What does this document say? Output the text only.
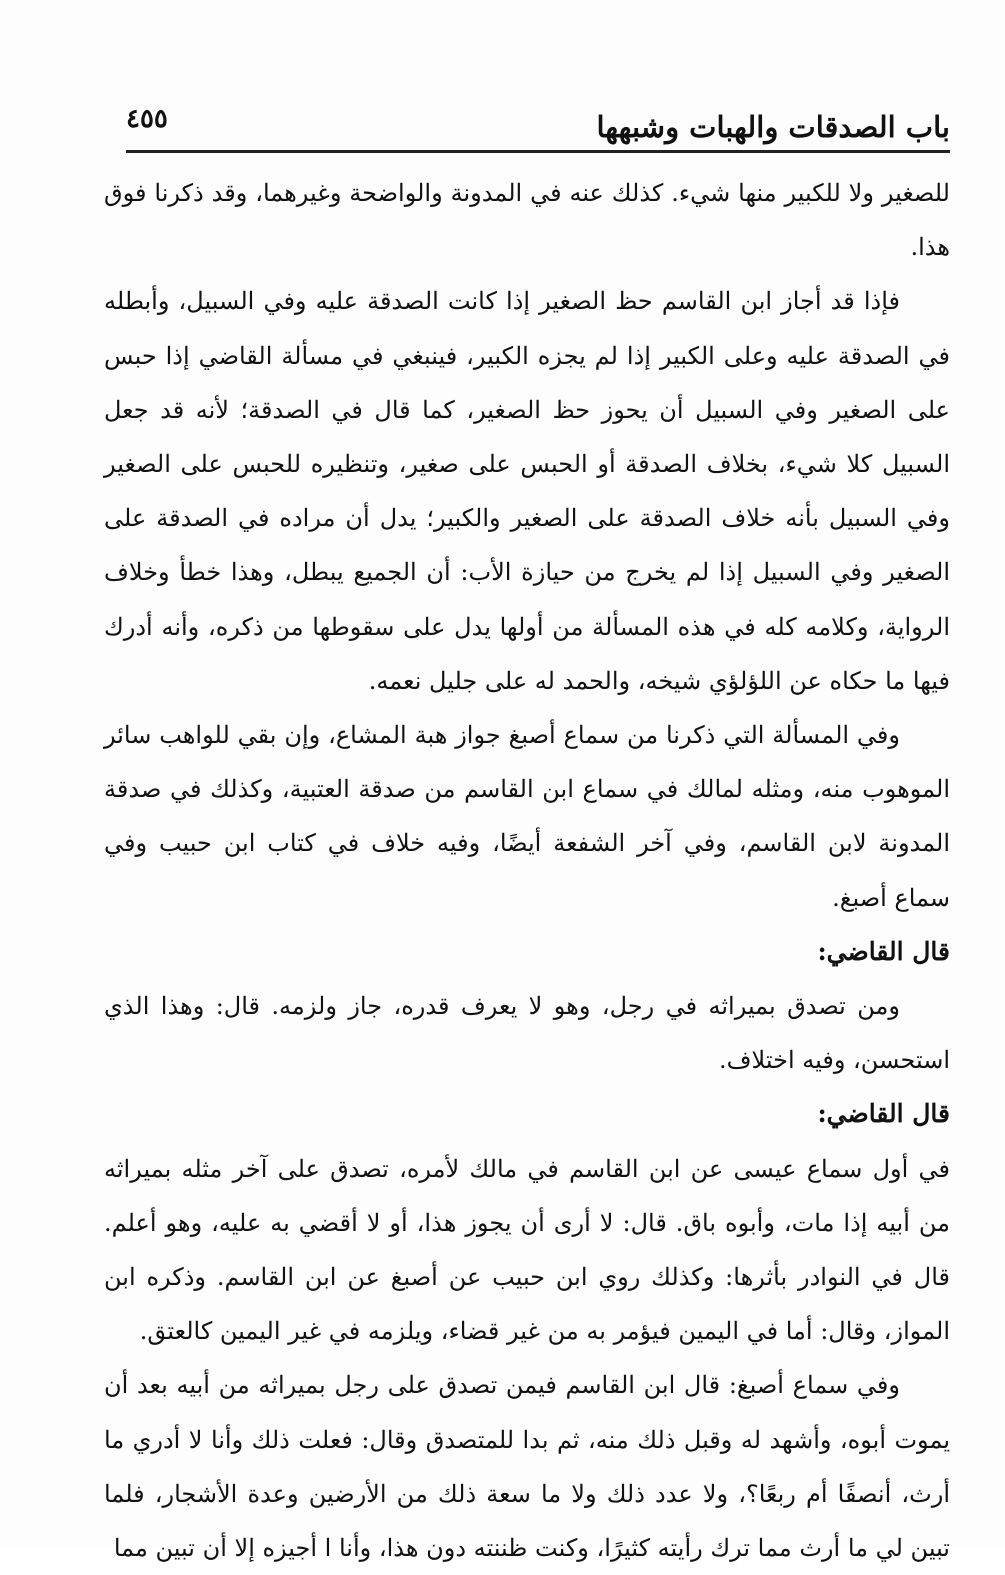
باب الصدقات والهبات وشبهها
٤٥٥

للصغير ولا للكبير منها شيء. كذلك عنه في المدونة والواضحة وغيرهما، وقد ذكرنا فوق هذا.

فإذا قد أجاز ابن القاسم حظ الصغير إذا كانت الصدقة عليه وفي السبيل، وأبطله في الصدقة عليه وعلى الكبير إذا لم يجزه الكبير، فينبغي في مسألة القاضي إذا حبس على الصغير وفي السبيل أن يحوز حظ الصغير، كما قال في الصدقة؛ لأنه قد جعل السبيل كلا شيء، بخلاف الصدقة أو الحبس على صغير، وتنظيره للحبس على الصغير وفي السبيل بأنه خلاف الصدقة على الصغير والكبير؛ يدل أن مراده في الصدقة على الصغير وفي السبيل إذا لم يخرج من حيازة الأب: أن الجميع يبطل، وهذا خطأ وخلاف الرواية، وكلامه كله في هذه المسألة من أولها يدل على سقوطها من ذكره، وأنه أدرك فيها ما حكاه عن اللؤلؤي شيخه، والحمد له على جليل نعمه.

وفي المسألة التي ذكرنا من سماع أصبغ جواز هبة المشاع، وإن بقي للواهب سائر الموهوب منه، ومثله لمالك في سماع ابن القاسم من صدقة العتبية، وكذلك في صدقة المدونة لابن القاسم، وفي آخر الشفعة أيضًا، وفيه خلاف في كتاب ابن حبيب وفي سماع أصبغ.

قال القاضي:

ومن تصدق بميراثه في رجل، وهو لا يعرف قدره، جاز ولزمه. قال: وهذا الذي استحسن، وفيه اختلاف.

قال القاضي:

في أول سماع عيسى عن ابن القاسم في مالك لأمره، تصدق على آخر مثله بميراثه من أبيه إذا مات، وأبوه باق. قال: لا أرى أن يجوز هذا، أو لا أقضي به عليه، وهو أعلم. قال في النوادر بأثرها: وكذلك روي ابن حبيب عن أصبغ عن ابن القاسم. وذكره ابن المواز، وقال: أما في اليمين فيؤمر به من غير قضاء، ويلزمه في غير اليمين كالعتق.

وفي سماع أصبغ: قال ابن القاسم فيمن تصدق على رجل بميراثه من أبيه بعد أن يموت أبوه، وأشهد له وقبل ذلك منه، ثم بدا للمتصدق وقال: فعلت ذلك وأنا لا أدري ما أرث، أنصفًا أم ربعًا؟، ولا عدد ذلك ولا ما سعة ذلك من الأرضين وعدة الأشجار، فلما تبين لي ما أرث مما ترك رأيته كثيرًا، وكنت ظننته دون هذا، وأنا ا أجيزه إلا أن تبين مما
